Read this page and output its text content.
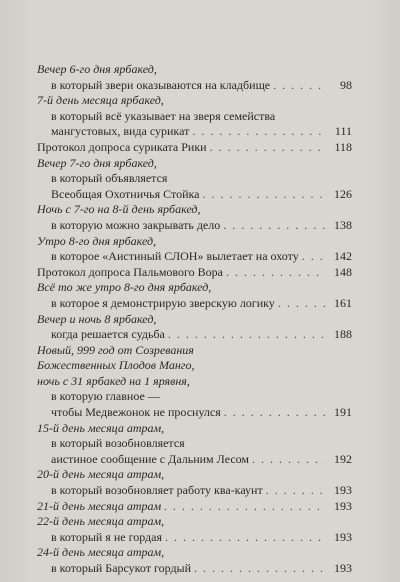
Вечер 6-го дня ярбакед,
в который звери оказываются на кладбище . . .	98
7-й день месяца ярбакед,
в который всё указывает на зверя семейства
мангустовых, вида сурикат . . .	111
Протокол допроса суриката Рики . . .	118
Вечер 7-го дня ярбакед,
в который объявляется
Всеобщая Охотничья Стойка . . .	126
Ночь с 7-го на 8-й день ярбакед,
в которую можно закрывать дело . . .	138
Утро 8-го дня ярбакед,
в которое «Аистиный СЛОН» вылетает на охоту . . .	142
Протокол допроса Пальмового Вора . . .	148
Всё то же утро 8-го дня ярбакед,
в которое я демонстрирую зверскую логику . . .	161
Вечер и ночь 8 ярбакед,
когда решается судьба . . .	188
Новый, 999 год от Созревания
Божественных Плодов Манго,
ночь с 31 ярбакед на 1 ярявня,
в которую главное —
чтобы Медвежонок не проснулся . . .	191
15-й день месяца атрам,
в который возобновляется
аистиное сообщение с Дальним Лесом . . .	192
20-й день месяца атрам,
в который возобновляет работу ква-каунт . . .	193
21-й день месяца атрам . . .	193
22-й день месяца атрам,
в который я не гордая . . .	193
24-й день месяца атрам,
в который Барсукот гордый . . .	193
